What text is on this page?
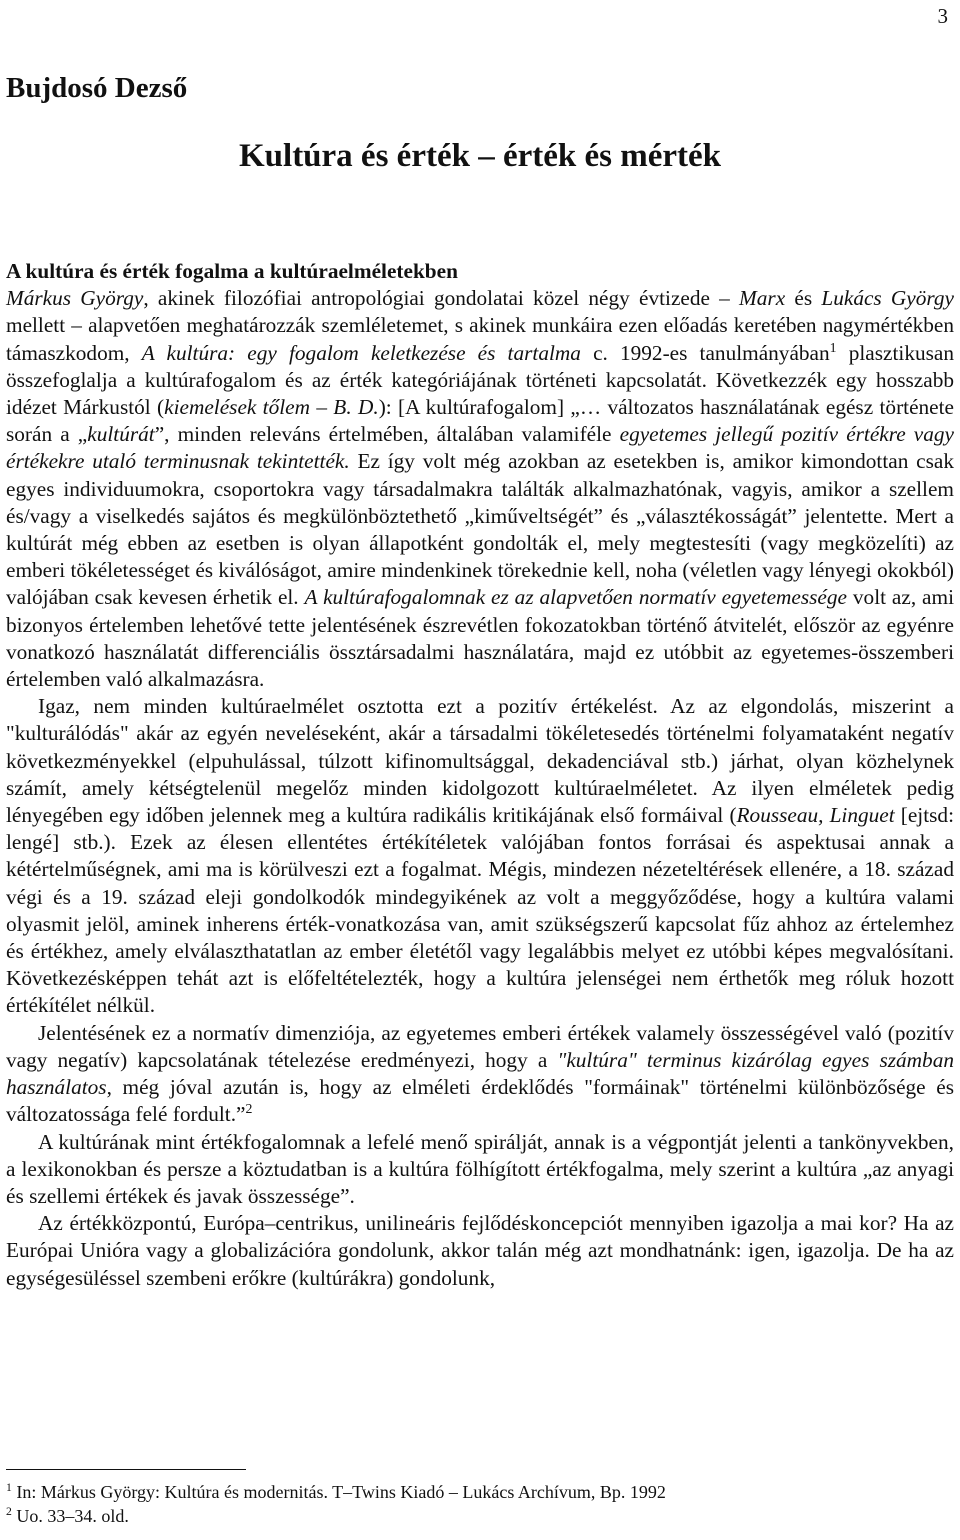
3
Bujdosó Dezső
Kultúra és érték – érték és mérték
A kultúra és érték fogalma a kultúraelméletekben

Márkus György, akinek filozófiai antropológiai gondolatai közel négy évtizede – Marx és Lukács György mellett – alapvetően meghatározzák szemléletemet, s akinek munkáira ezen előadás keretében nagymértékben támaszkodom, A kultúra: egy fogalom keletkezése és tartalma c. 1992-es tanulmányában$^1$ plasztikusan összefoglalja a kultúrafogalom és az érték kategóriájának történeti kapcsolatát. Következzék egy hosszabb idézet Márkustól (kiemelések tőlem – B. D.): [A kultúrafogalom] „… változatos használatának egész története során a „kultúrát”, minden releváns értelmében, általában valamiféle egyetemes jellegű pozitív értékre vagy értékekre utaló terminusnak tekintették. Ez így volt még azokban az esetekben is, amikor kimondottan csak egyes individuumokra, csoportokra vagy társadalmakra találták alkalmazhatónak, vagyis, amikor a szellem és/vagy a viselkedés sajátos és megkülönböztethető „kiműveltségét” és „választékosságát” jelentette. Mert a kultúrát még ebben az esetben is olyan állapotként gondolták el, mely megtestesíti (vagy megközelíti) az emberi tökéletességet és kiválóságot, amire mindenkinek törekednie kell, noha (véletlen vagy lényegi okokból) valójában csak kevesen érhetik el. A kultúrafogalomnak ez az alapvetően normatív egyetemessége volt az, ami bizonyos értelemben lehetővé tette jelentésének észrevétlen fokozatokban történő átvitelét, először az egyénre vonatkozó használatát differenciális össztársadalmi használatára, majd ez utóbbit az egyetemes-összemberi értelemben való alkalmazásra.

Igaz, nem minden kultúraelmélet osztotta ezt a pozitív értékelést. Az az elgondolás, miszerint a "kulturálódás" akár az egyén neveléseként, akár a társadalmi tökéletesedés történelmi folyamataként negatív következményekkel (elpuhulással, túlzott kifinomultsággal, dekadenciával stb.) járhat, olyan közhelynek számít, amely kétségtelenül megelőz minden kidolgozott kultúraelméletet. Az ilyen elméletek pedig lényegében egy időben jelennek meg a kultúra radikális kritikájának első formáival (Rousseau, Linguet [ejtsd: lengé] stb.). Ezek az élesen ellentétes értékítéletek valójában fontos forrásai és aspektusai annak a kétértelműségnek, ami ma is körülveszi ezt a fogalmat. Mégis, mindezen nézeteltérések ellenére, a 18. század végi és a 19. század eleji gondolkodók mindegyikének az volt a meggyőződése, hogy a kultúra valami olyasmit jelöl, aminek inherens érték-vonatkozása van, amit szükségszerű kapcsolat fűz ahhoz az értelemhez és értékhez, amely elválaszthatatlan az ember életétől vagy legalábbis melyet ez utóbbi képes megvalósítani. Következésképpen tehát azt is előfeltételezték, hogy a kultúra jelenségei nem érthetők meg róluk hozott értékítélet nélkül.

Jelentésének ez a normatív dimenziója, az egyetemes emberi értékek valamely összességével való (pozitív vagy negatív) kapcsolatának tételezése eredményezi, hogy a "kultúra" terminus kizárólag egyes számban használatos, még jóval azután is, hogy az elméleti érdeklődés "formáinak" történelmi különbözősége és változatossága felé fordult.”$^2$

A kultúrának mint értékfogalomnak a lefelé menő spirálját, annak is a végpontját jelenti a tankönyvekben, a lexikonokban és persze a köztudatban is a kultúra fölhígított értékfogalma, mely szerint a kultúra „az anyagi és szellemi értékek és javak összessége”.

Az értékközpontú, Európa–centrikus, unilineáris fejlődéskoncepciót mennyiben igazolja a mai kor? Ha az Európai Unióra vagy a globalizációra gondolunk, akkor talán még azt mondhatnánk: igen, igazolja. De ha az egységesüléssel szembeni erőkre (kultúrákra) gondolunk,

$^1$ In: Márkus György: Kultúra és modernitás. T–Twins Kiadó – Lukács Archívum, Bp. 1992
$^2$ Uo. 33–34. old.
